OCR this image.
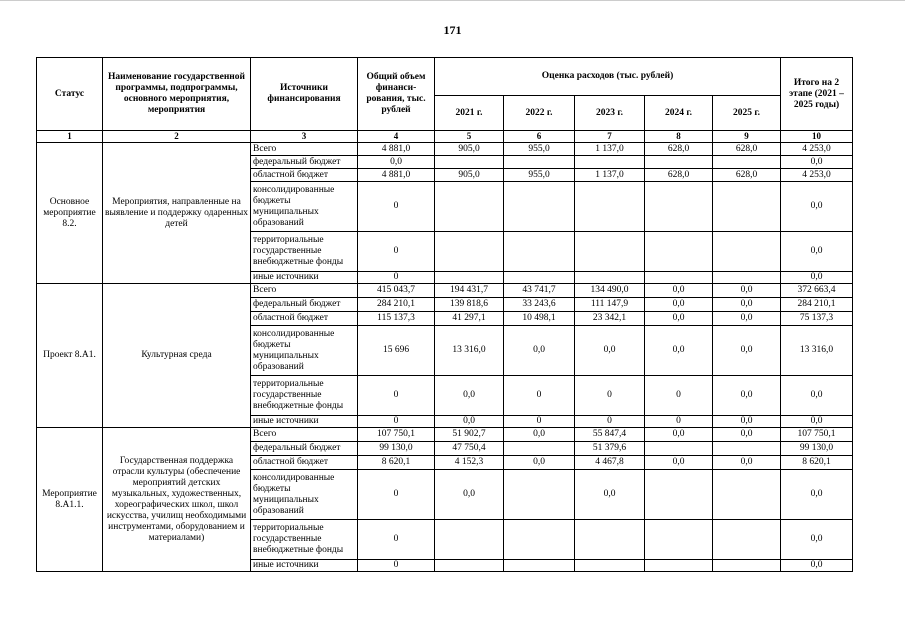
171
Статус	Наименование государственной программы, подпрограммы, основного мероприятия, мероприятия	Источники финансирования	Общий объем финанси-рования, тыс. рублей	Оценка расходов (тыс. рублей)					Итого на 2 этапе (2021 – 2025 годы)
				2021 г.	2022 г.	2023 г.	2024 г.	2025 г.	
1	2	3	4	5	6	7	8	9	10
Основное мероприятие 8.2.	Мероприятия, направленные на выявление и поддержку одаренных детей	Всего	4 881,0	905,0	955,0	1 137,0	628,0	628,0	4 253,0
		федеральный бюджет	0,0						0,0
		областной бюджет	4 881,0	905,0	955,0	1 137,0	628,0	628,0	4 253,0
		консолидированные бюджеты муниципальных образований	0						0,0
		территориальные государственные внебюджетные фонды	0						0,0
		иные источники	0						0,0
Проект 8.А1.	Культурная среда	Всего	415 043,7	194 431,7	43 741,7	134 490,0	0,0	0,0	372 663,4
		федеральный бюджет	284 210,1	139 818,6	33 243,6	111 147,9	0,0	0,0	284 210,1
		областной бюджет	115 137,3	41 297,1	10 498,1	23 342,1	0,0	0,0	75 137,3
		консолидированные бюджеты муниципальных образований	15 696	13 316,0	0,0	0,0	0,0	0,0	13 316,0
		территориальные государственные внебюджетные фонды	0	0,0	0	0	0	0,0	0,0
		иные источники	0	0,0	0	0	0	0,0	0,0
Мероприятие 8.А1.1.	Государственная поддержка отрасли культуры (обеспечение мероприятий детских музыкальных, художественных, хореографических школ, школ искусства, училищ необходимыми инструментами, оборудованием и материалами)	Всего	107 750,1	51 902,7	0,0	55 847,4	0,0	0,0	107 750,1
		федеральный бюджет	99 130,0	47 750,4		51 379,6			99 130,0
		областной бюджет	8 620,1	4 152,3	0,0	4 467,8	0,0	0,0	8 620,1
		консолидированные бюджеты муниципальных образований	0	0,0		0,0			0,0
		территориальные государственные внебюджетные фонды	0						0,0
		иные источники	0						0,0
